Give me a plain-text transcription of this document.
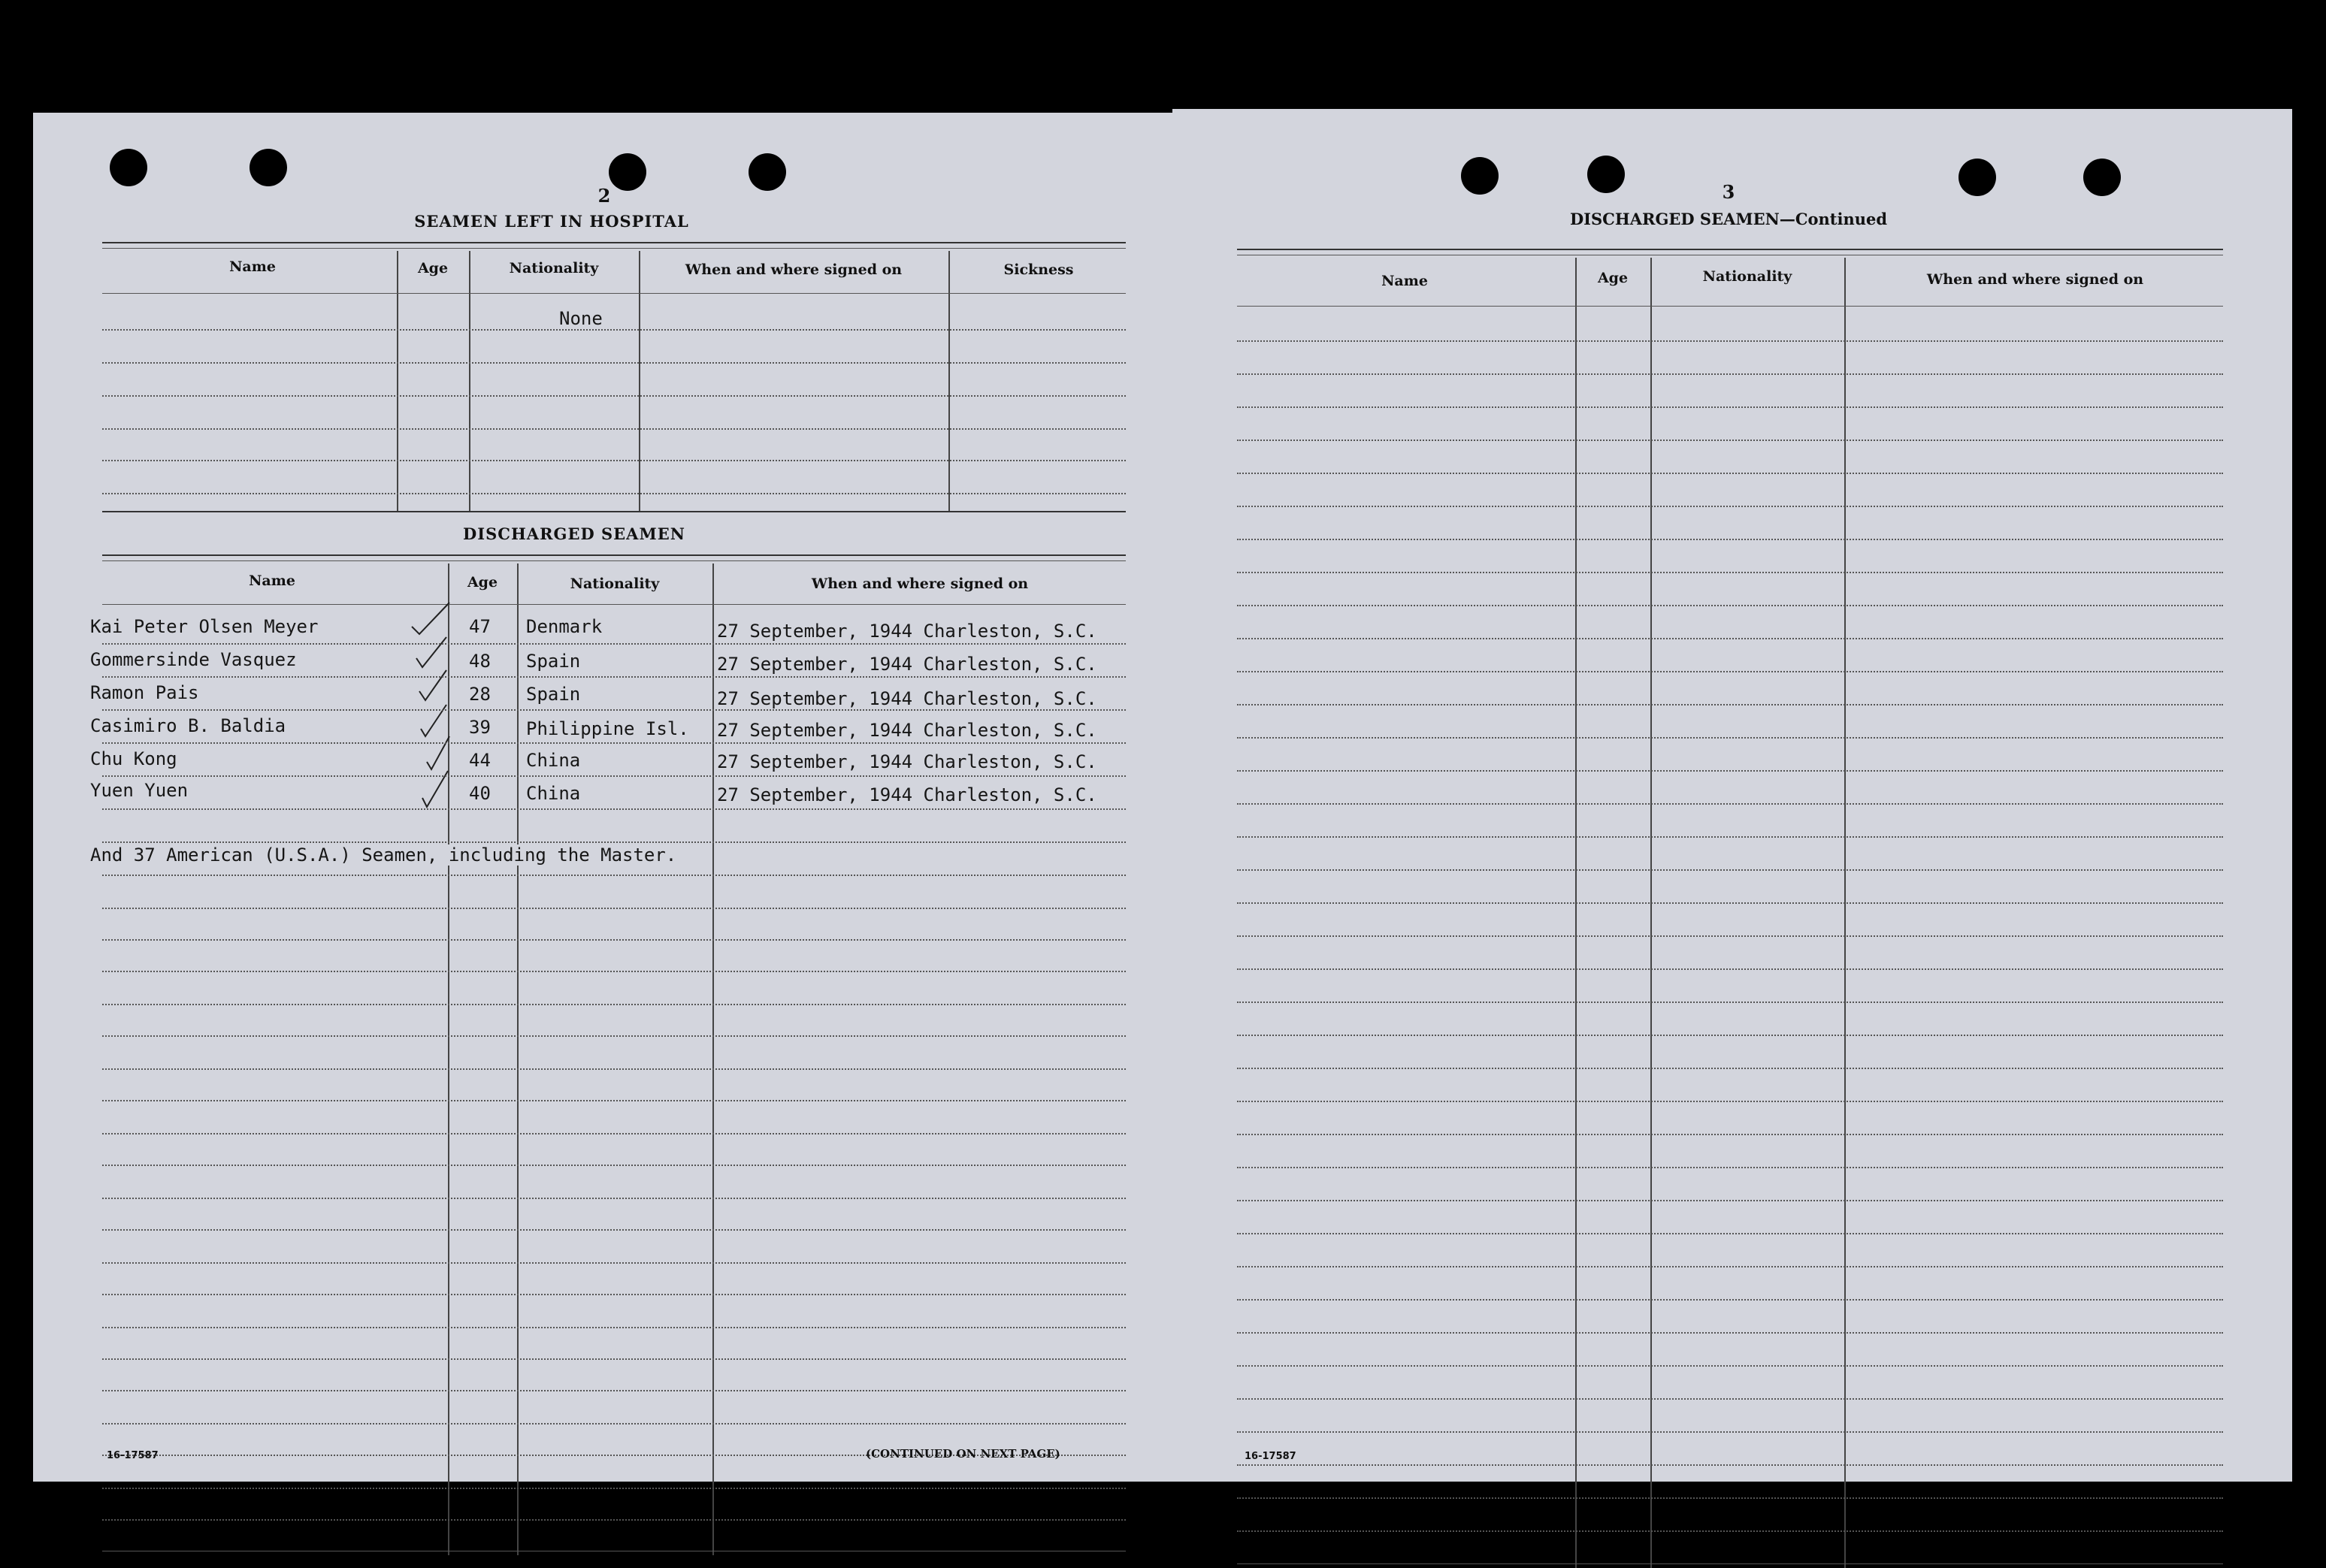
2
SEAMEN LEFT IN HOSPITAL
Name	Age	Nationality	When and where signed on	Sickness
None
DISCHARGED SEAMEN
Name	Age	Nationality	When and where signed on
Kai Peter Olsen Meyer	47 Denmark	27 September, 1944 Charleston, S.C.
Gommersinde Vasquez	48 Spain	27 September, 1944 Charleston, S.C.
Ramon Pais	28 Spain	27 September, 1944 Charleston, S.C.
Casimiro B. Baldia	39 Philippine Isl. 27 September, 1944 Charleston, S.C.
Chu Kong	44 China	27 September, 1944 Charleston, S.C.
Yuen Yuen	40 China	27 September, 1944 Charleston, S.C.
And 37 American (U.S.A.) Seamen, including the Master.
16-17587	(CONTINUED ON NEXT PAGE)
3
DISCHARGED SEAMEN—Continued
Name	Age	Nationality	When and where signed on
16-17587
